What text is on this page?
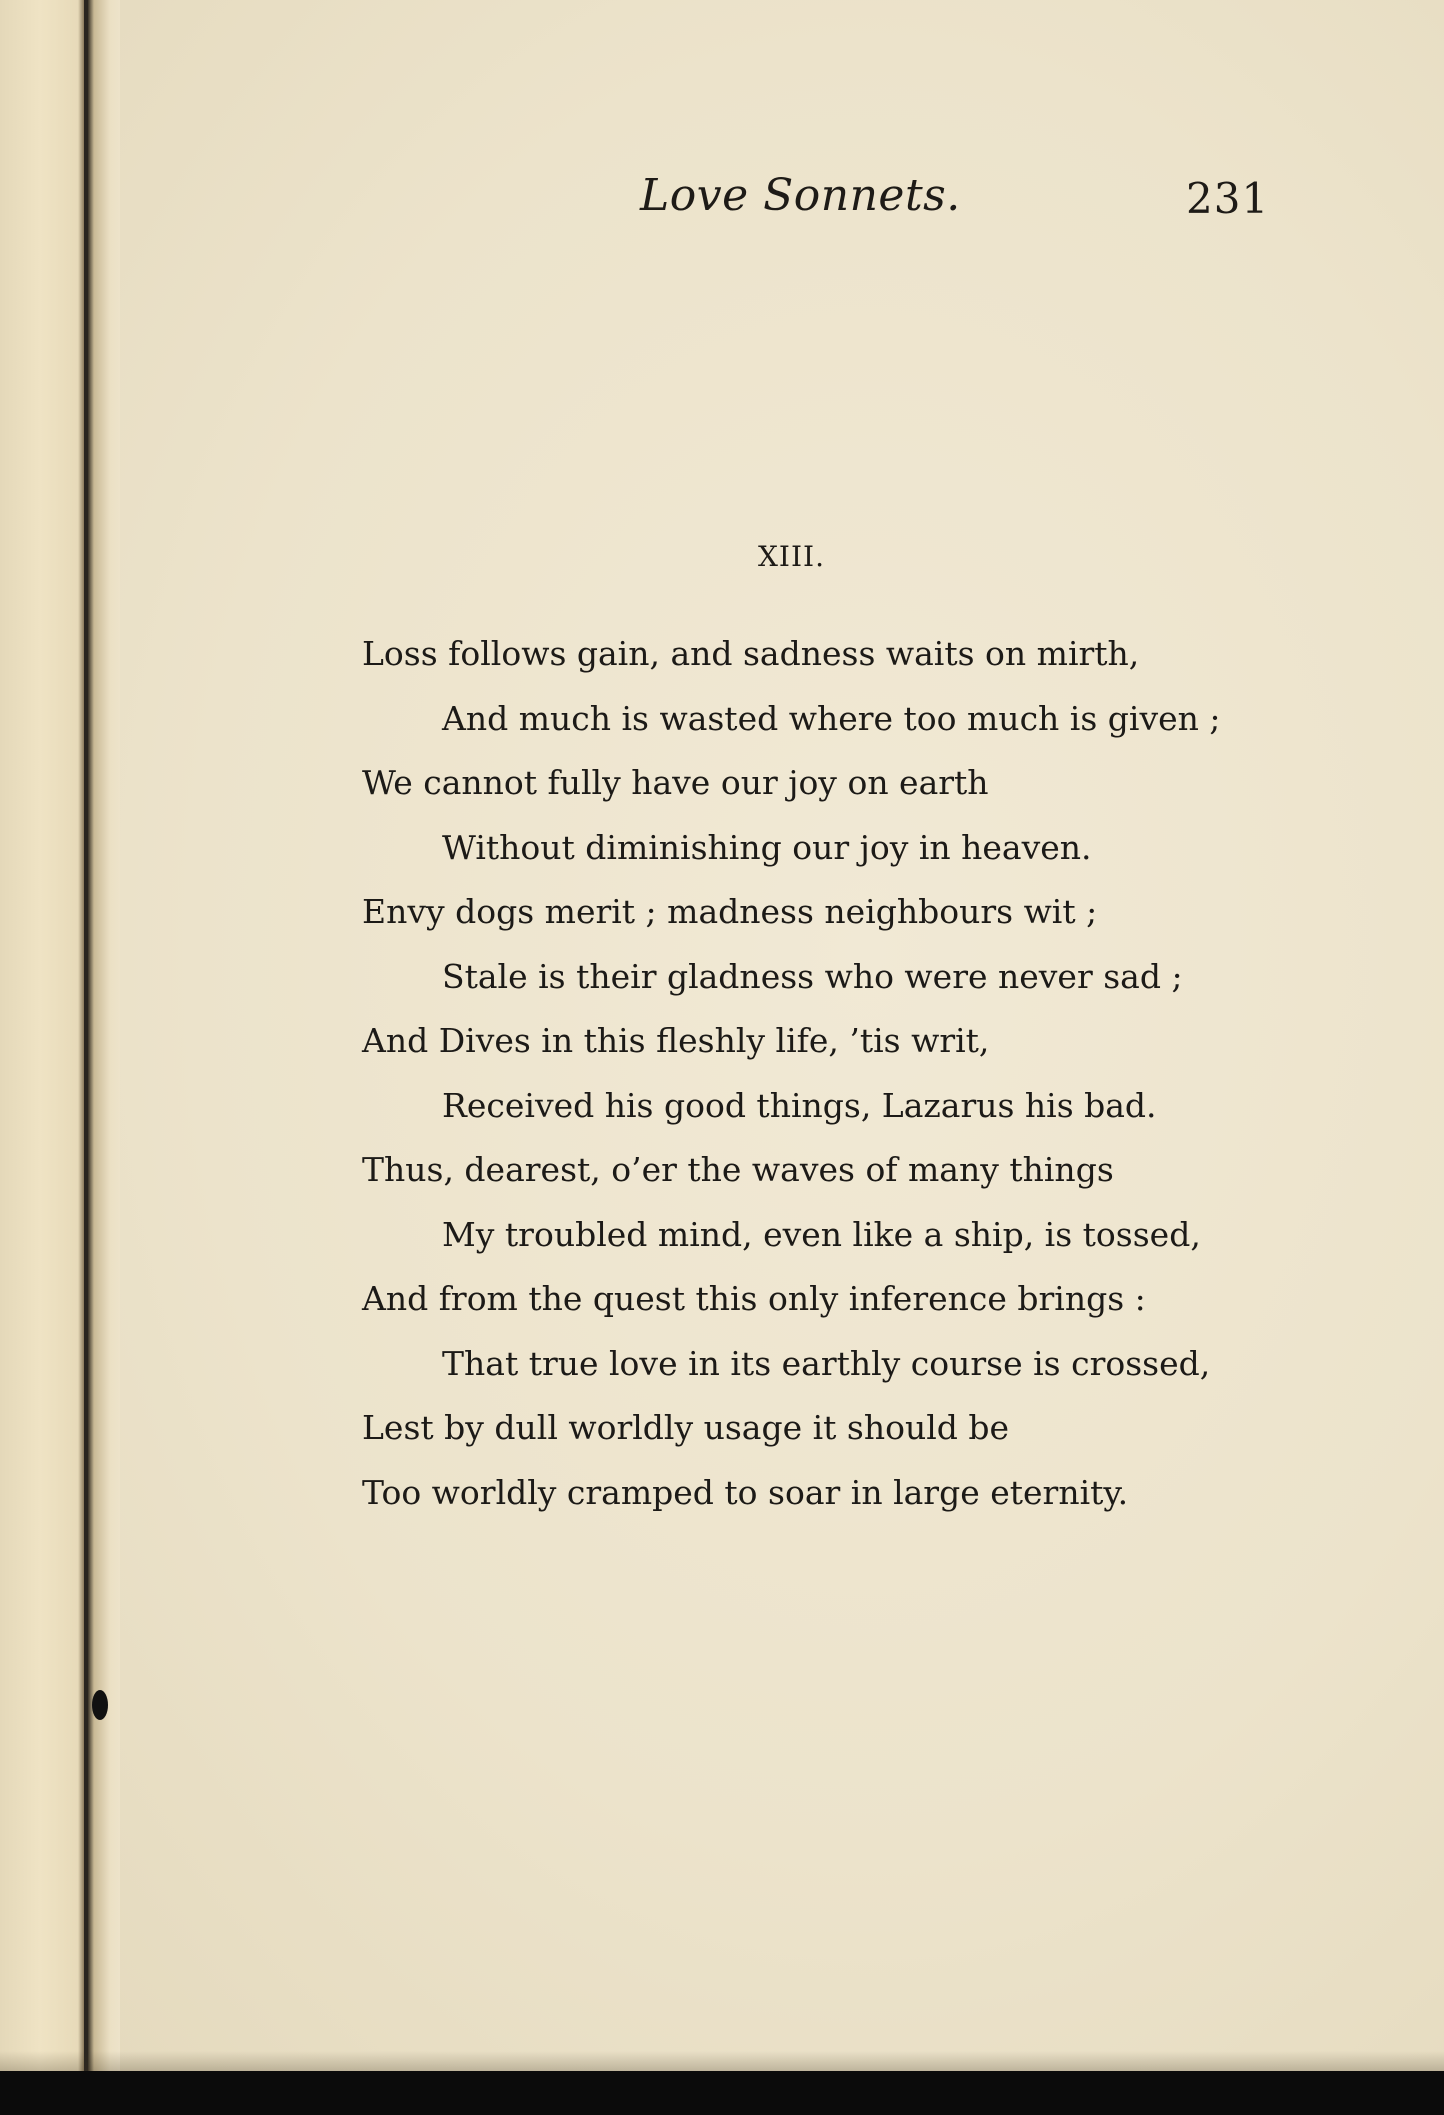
Love Sonnets.	231
XIII.
Loss follows gain, and sadness waits on mirth,
And much is wasted where too much is given ;
We cannot fully have our joy on earth
Without diminishing our joy in heaven.
Envy dogs merit ; madness neighbours wit ;
Stale is their gladness who were never sad ;
And Dives in this fleshly life, ’tis writ,
Received his good things, Lazarus his bad.
Thus, dearest, o’er the waves of many things
My troubled mind, even like a ship, is tossed,
And from the quest this only inference brings :
That true love in its earthly course is crossed,
Lest by dull worldly usage it should be
Too worldly cramped to soar in large eternity.
